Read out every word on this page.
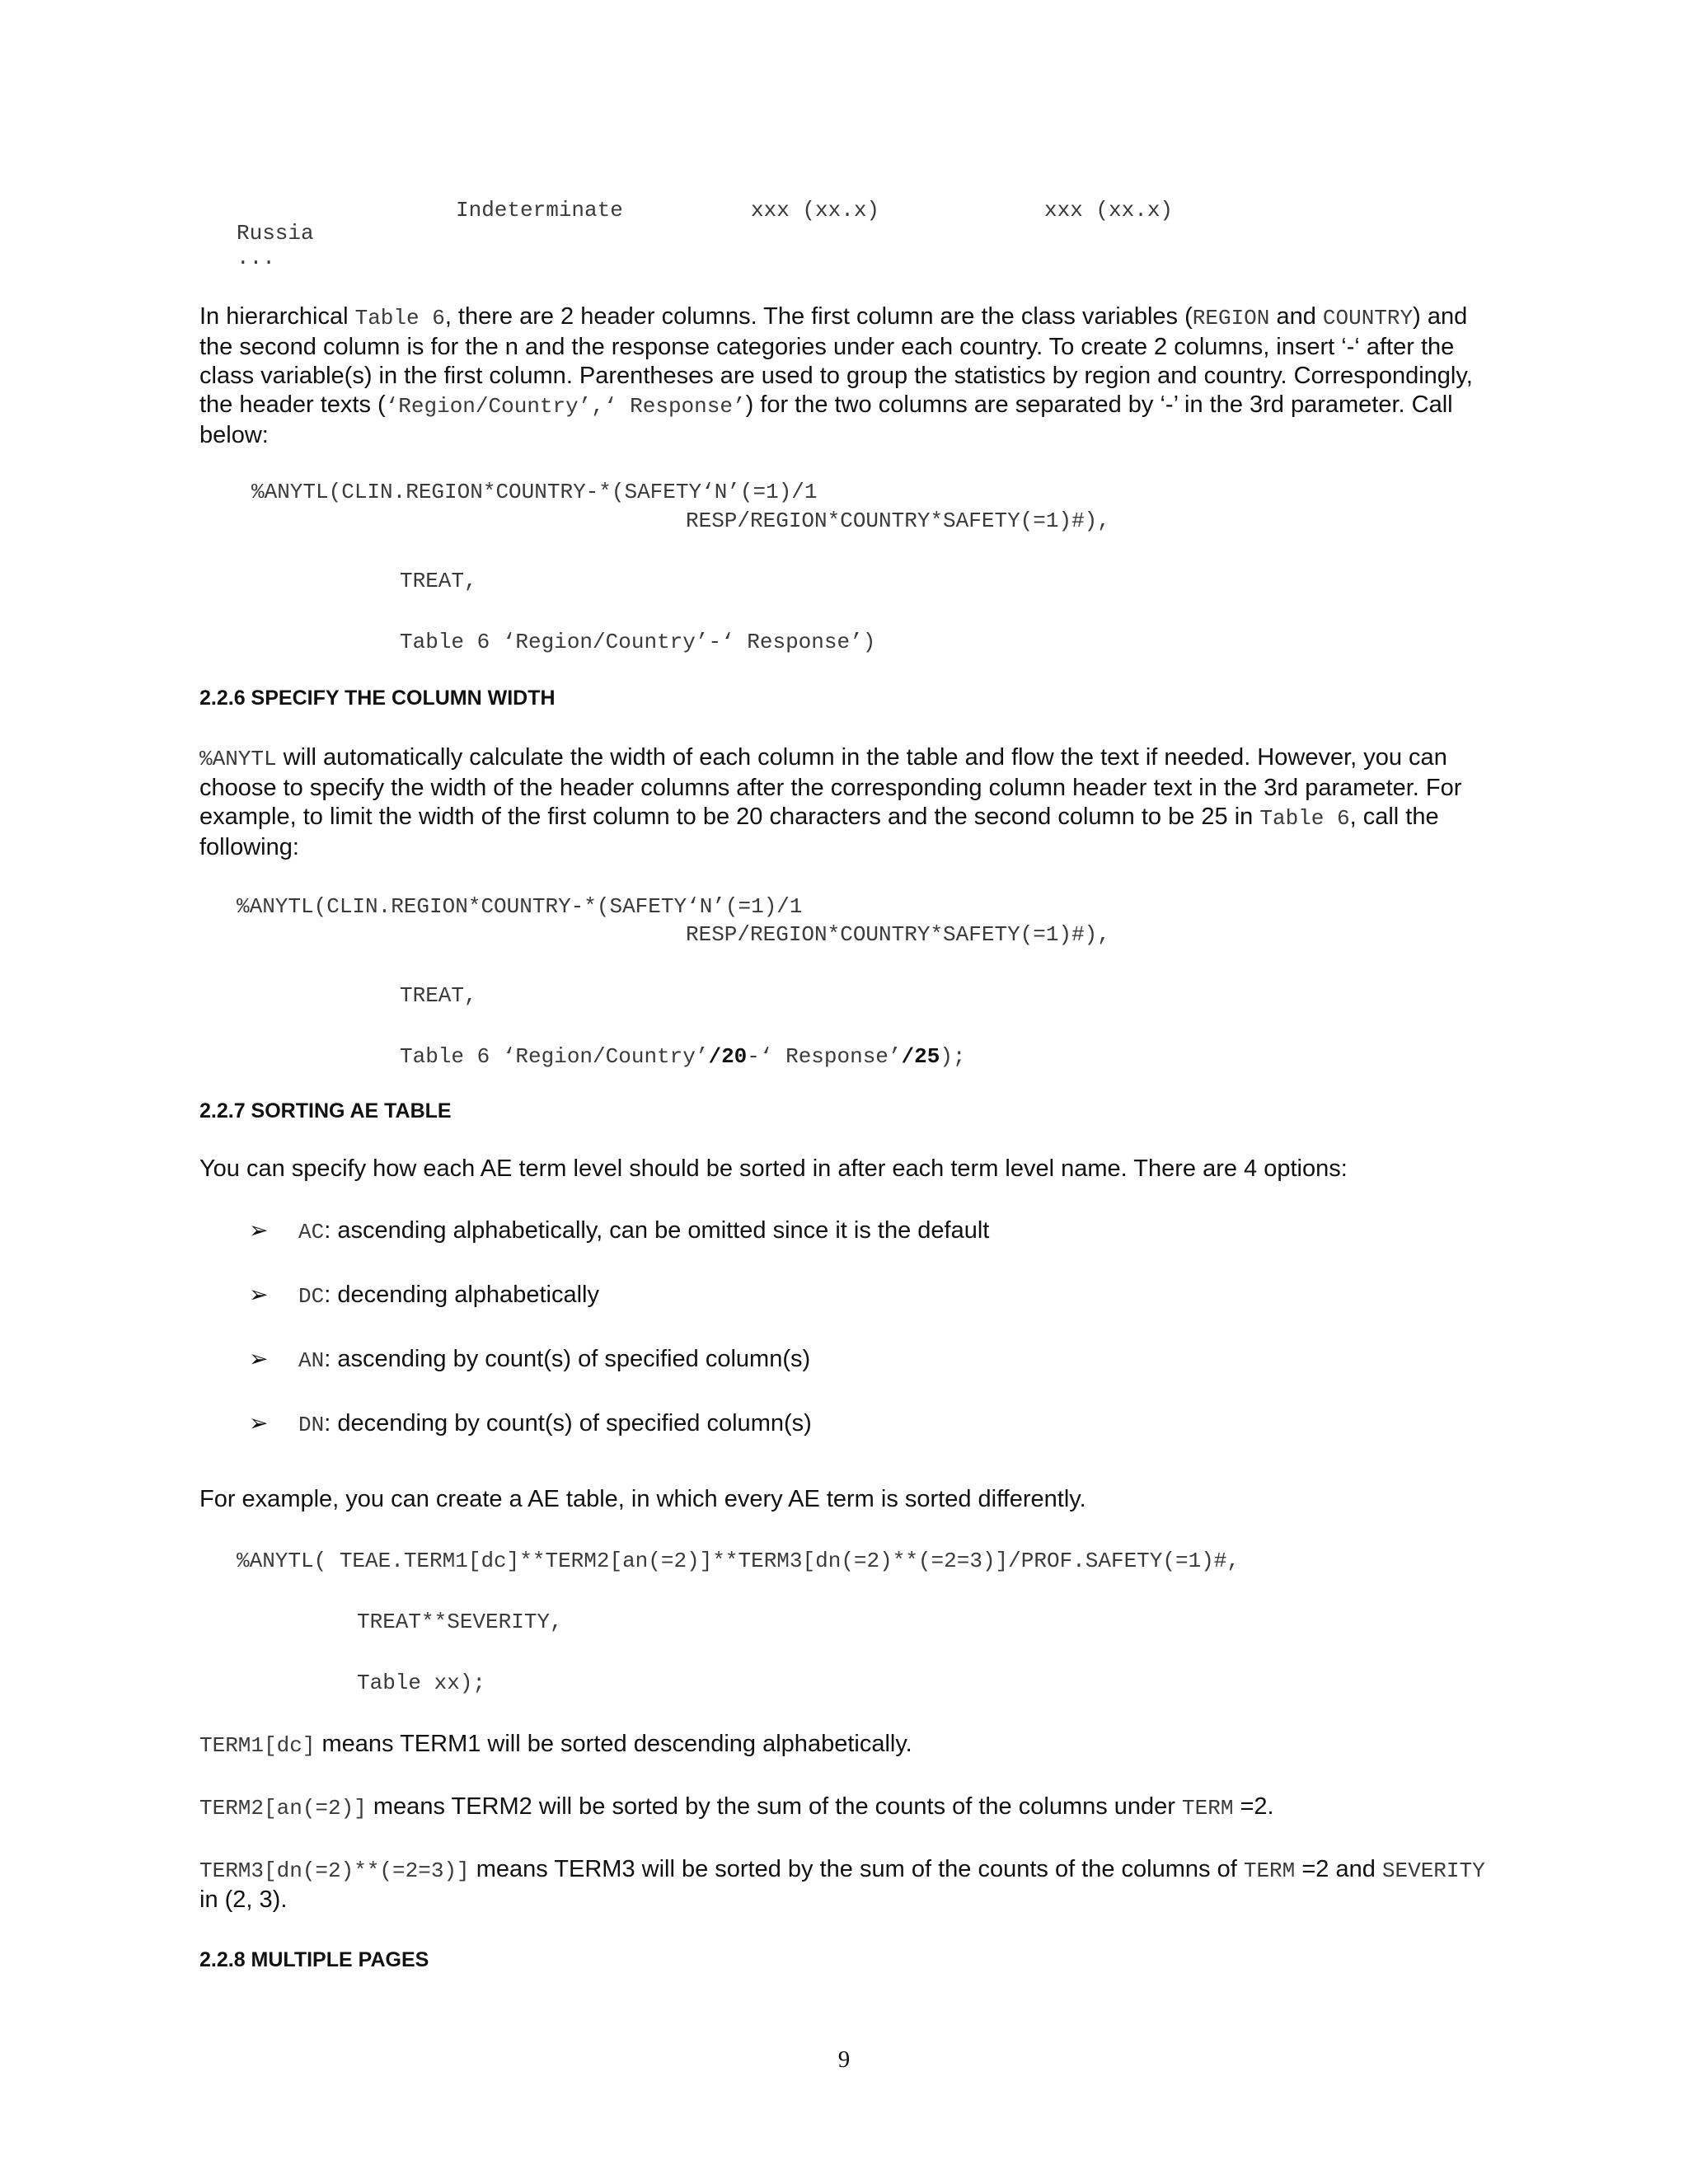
Indeterminate	xxx (xx.x)	xxx (xx.x)
Russia
...
In hierarchical Table 6, there are 2 header columns. The first column are the class variables (REGION and COUNTRY) and the second column is for the n and the response categories under each country. To create 2 columns, insert ‘-‘ after the class variable(s) in the first column. Parentheses are used to group the statistics by region and country. Correspondingly, the header texts (‘Region/Country’,‘ Response’) for the two columns are separated by ‘-’ in the 3rd parameter. Call below:
%ANYTL(CLIN.REGION*COUNTRY-*(SAFETY‘N’(=1)/1
RESP/REGION*COUNTRY*SAFETY(=1)#),
TREAT,
Table 6 ‘Region/Country’-‘ Response’)
2.2.6 SPECIFY THE COLUMN WIDTH
%ANYTL will automatically calculate the width of each column in the table and flow the text if needed. However, you can choose to specify the width of the header columns after the corresponding column header text in the 3rd parameter. For example, to limit the width of the first column to be 20 characters and the second column to be 25 in Table 6, call the following:
%ANYTL(CLIN.REGION*COUNTRY-*(SAFETY‘N’(=1)/1
RESP/REGION*COUNTRY*SAFETY(=1)#),
TREAT,
Table 6 ‘Region/Country’/20-‘ Response’/25);
2.2.7 SORTING AE TABLE
You can specify how each AE term level should be sorted in after each term level name. There are 4 options:
➢ AC: ascending alphabetically, can be omitted since it is the default
➢ DC: decending alphabetically
➢ AN: ascending by count(s) of specified column(s)
➢ DN: decending by count(s) of specified column(s)
For example, you can create a AE table, in which every AE term is sorted differently.
%ANYTL( TEAE.TERM1[dc]**TERM2[an(=2)]**TERM3[dn(=2)**(=2=3)]/PROF.SAFETY(=1)#,
TREAT**SEVERITY,
Table xx);
TERM1[dc] means TERM1 will be sorted descending alphabetically.
TERM2[an(=2)] means TERM2 will be sorted by the sum of the counts of the columns under TERM =2.
TERM3[dn(=2)**(=2=3)] means TERM3 will be sorted by the sum of the counts of the columns of TERM =2 and SEVERITY in (2, 3).
2.2.8 MULTIPLE PAGES
9
